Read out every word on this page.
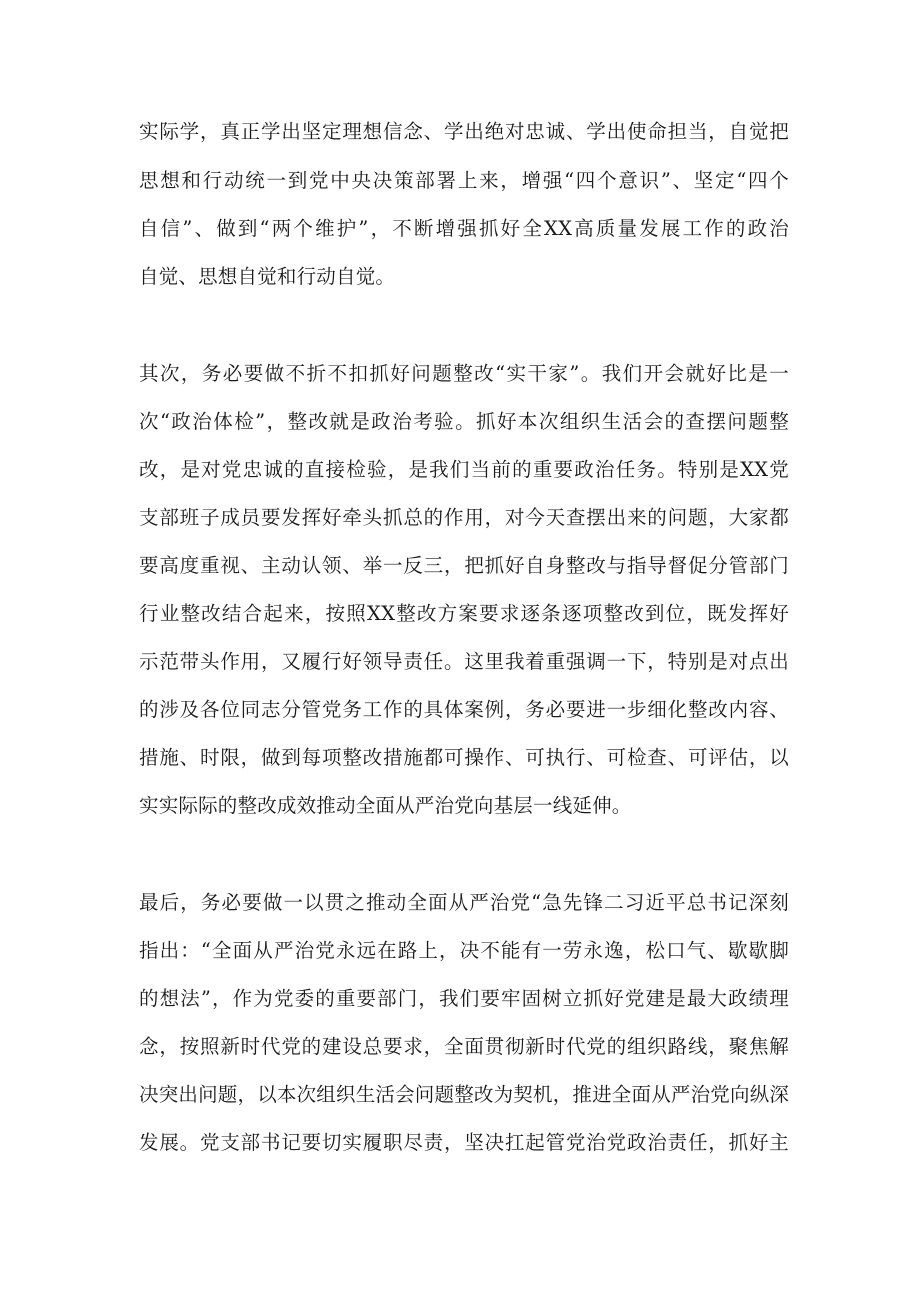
实际学，真正学出坚定理想信念、学出绝对忠诚、学出使命担当，自觉把
思想和行动统一到党中央决策部署上来，增强“四个意识”、坚定“四个
自信”、做到“两个维护”，不断增强抓好全XX高质量发展工作的政治
自觉、思想自觉和行动自觉。
其次，务必要做不折不扣抓好问题整改“实干家”。我们开会就好比是一
次“政治体检”，整改就是政治考验。抓好本次组织生活会的查摆问题整
改，是对党忠诚的直接检验，是我们当前的重要政治任务。特别是XX党
支部班子成员要发挥好牵头抓总的作用，对今天查摆出来的问题，大家都
要高度重视、主动认领、举一反三，把抓好自身整改与指导督促分管部门
行业整改结合起来，按照XX整改方案要求逐条逐项整改到位，既发挥好
示范带头作用，又履行好领导责任。这里我着重强调一下，特别是对点出
的涉及各位同志分管党务工作的具体案例，务必要进一步细化整改内容、
措施、时限，做到每项整改措施都可操作、可执行、可检查、可评估，以
实实际际的整改成效推动全面从严治党向基层一线延伸。
最后，务必要做一以贯之推动全面从严治党“急先锋二习近平总书记深刻
指出：“全面从严治党永远在路上，决不能有一劳永逸，松口气、歇歇脚
的想法”，作为党委的重要部门，我们要牢固树立抓好党建是最大政绩理
念，按照新时代党的建设总要求，全面贯彻新时代党的组织路线，聚焦解
决突出问题，以本次组织生活会问题整改为契机，推进全面从严治党向纵深
发展。党支部书记要切实履职尽责，坚决扛起管党治党政治责任，抓好主
